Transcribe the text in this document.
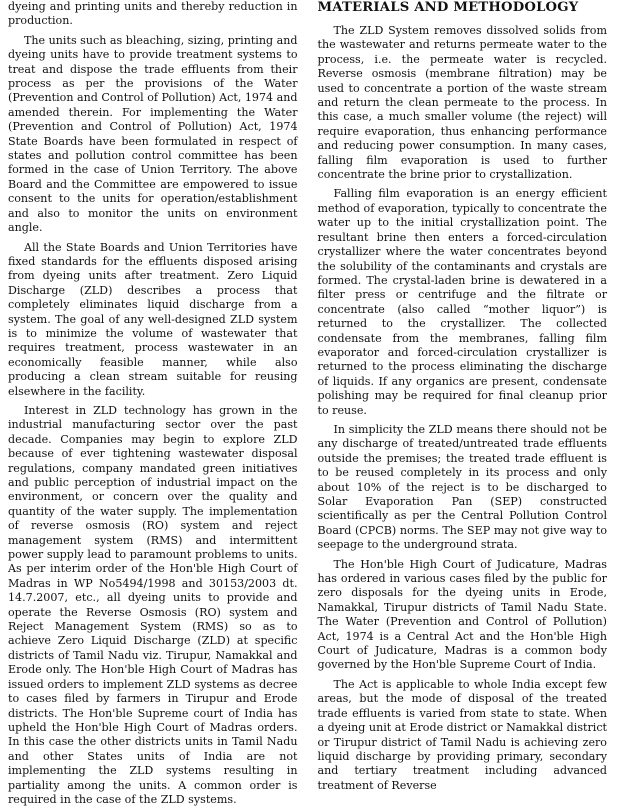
dyeing and printing units and thereby reduction in production.

The units such as bleaching, sizing, printing and dyeing units have to provide treatment systems to treat and dispose the trade effluents from their process as per the provisions of the Water (Prevention and Control of Pollution) Act, 1974 and amended therein. For implementing the Water (Prevention and Control of Pollution) Act, 1974 State Boards have been formulated in respect of states and pollution control committee has been formed in the case of Union Territory. The above Board and the Committee are empowered to issue consent to the units for operation/establishment and also to monitor the units on environment angle.

All the State Boards and Union Territories have fixed standards for the effluents disposed arising from dyeing units after treatment. Zero Liquid Discharge (ZLD) describes a process that completely eliminates liquid discharge from a system. The goal of any well-designed ZLD system is to minimize the volume of wastewater that requires treatment, process wastewater in an economically feasible manner, while also producing a clean stream suitable for reusing elsewhere in the facility.

Interest in ZLD technology has grown in the industrial manufacturing sector over the past decade. Companies may begin to explore ZLD because of ever tightening wastewater disposal regulations, company mandated green initiatives and public perception of industrial impact on the environment, or concern over the quality and quantity of the water supply. The implementation of reverse osmosis (RO) system and reject management system (RMS) and intermittent power supply lead to paramount problems to units. As per interim order of the Hon'ble High Court of Madras in WP No5494/1998 and 30153/2003 dt. 14.7.2007, etc., all dyeing units to provide and operate the Reverse Osmosis (RO) system and Reject Management System (RMS) so as to achieve Zero Liquid Discharge (ZLD) at specific districts of Tamil Nadu viz. Tirupur, Namakkal and Erode only. The Hon'ble High Court of Madras has issued orders to implement ZLD systems as decree to cases filed by farmers in Tirupur and Erode districts. The Hon'ble Supreme court of India has upheld the Hon'ble High Court of Madras orders. In this case the other districts units in Tamil Nadu and other States units of India are not implementing the ZLD systems resulting in partiality among the units. A common order is required in the case of the ZLD systems.

MATERIALS AND METHODOLOGY

The ZLD System removes dissolved solids from the wastewater and returns permeate water to the process, i.e. the permeate water is recycled. Reverse osmosis (membrane filtration) may be used to concentrate a portion of the waste stream and return the clean permeate to the process. In this case, a much smaller volume (the reject) will require evaporation, thus enhancing performance and reducing power consumption. In many cases, falling film evaporation is used to further concentrate the brine prior to crystallization.

Falling film evaporation is an energy efficient method of evaporation, typically to concentrate the water up to the initial crystallization point. The resultant brine then enters a forced-circulation crystallizer where the water concentrates beyond the solubility of the contaminants and crystals are formed. The crystal-laden brine is dewatered in a filter press or centrifuge and the filtrate or concentrate (also called “mother liquor”) is returned to the crystallizer. The collected condensate from the membranes, falling film evaporator and forced-circulation crystallizer is returned to the process eliminating the discharge of liquids. If any organics are present, condensate polishing may be required for final cleanup prior to reuse.

In simplicity the ZLD means there should not be any discharge of treated/untreated trade effluents outside the premises; the treated trade effluent is to be reused completely in its process and only about 10% of the reject is to be discharged to Solar Evaporation Pan (SEP) constructed scientifically as per the Central Pollution Control Board (CPCB) norms. The SEP may not give way to seepage to the underground strata.

The Hon'ble High Court of Judicature, Madras has ordered in various cases filed by the public for zero disposals for the dyeing units in Erode, Namakkal, Tirupur districts of Tamil Nadu State. The Water (Prevention and Control of Pollution) Act, 1974 is a Central Act and the Hon'ble High Court of Judicature, Madras is a common body governed by the Hon'ble Supreme Court of India.

The Act is applicable to whole India except few areas, but the mode of disposal of the treated trade effluents is varied from state to state. When a dyeing unit at Erode district or Namakkal district or Tirupur district of Tamil Nadu is achieving zero liquid discharge by providing primary, secondary and tertiary treatment including advanced treatment of Reverse
